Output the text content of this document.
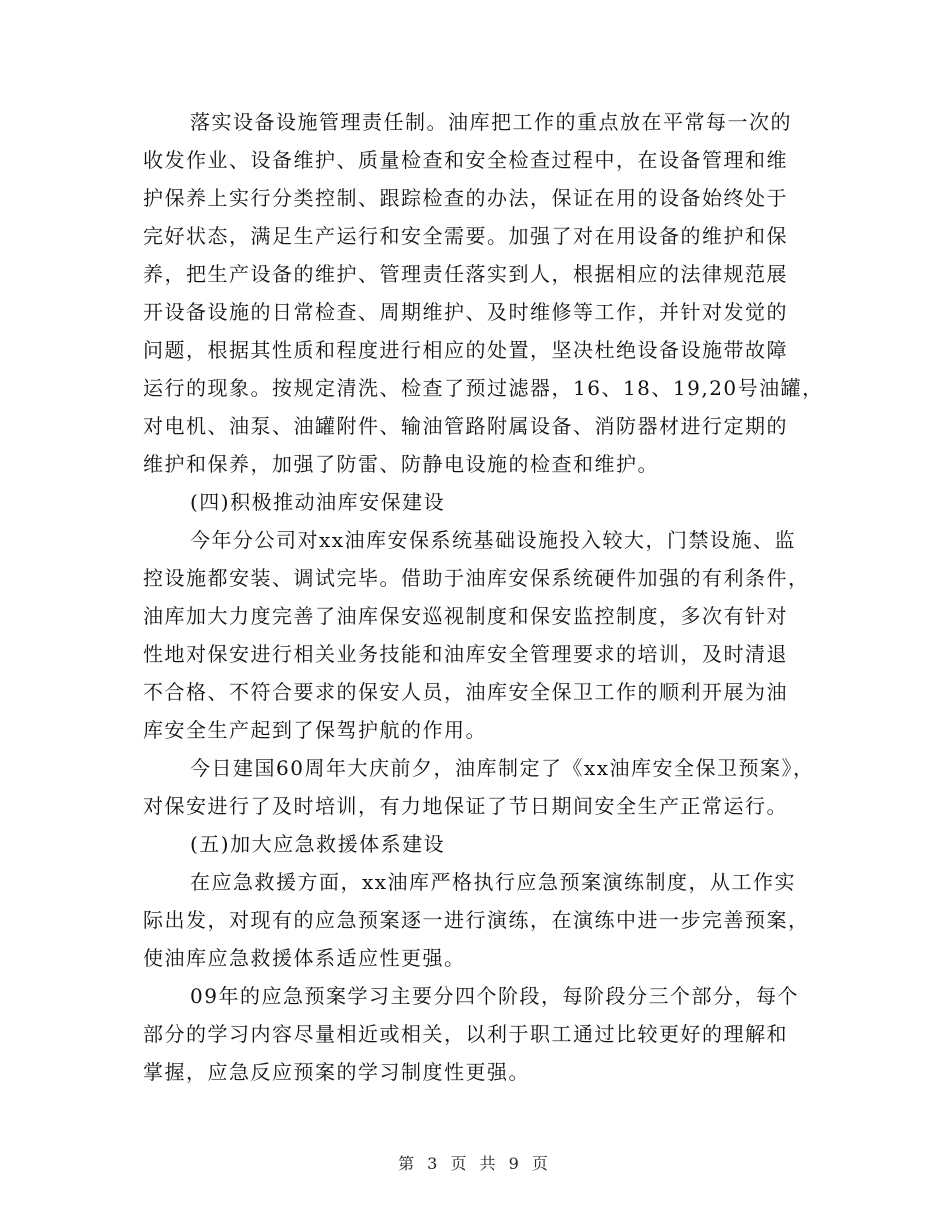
落实设备设施管理责任制。油库把工作的重点放在平常每一次的
收发作业、设备维护、质量检查和安全检查过程中，在设备管理和维
护保养上实行分类控制、跟踪检查的办法，保证在用的设备始终处于
完好状态，满足生产运行和安全需要。加强了对在用设备的维护和保
养，把生产设备的维护、管理责任落实到人，根据相应的法律规范展
开设备设施的日常检查、周期维护、及时维修等工作，并针对发觉的
问题，根据其性质和程度进行相应的处置，坚决杜绝设备设施带故障
运行的现象。按规定清洗、检查了预过滤器，16、18、19,20号油罐，
对电机、油泵、油罐附件、输油管路附属设备、消防器材进行定期的
维护和保养，加强了防雷、防静电设施的检查和维护。
(四)积极推动油库安保建设
今年分公司对xx油库安保系统基础设施投入较大，门禁设施、监
控设施都安装、调试完毕。借助于油库安保系统硬件加强的有利条件，
油库加大力度完善了油库保安巡视制度和保安监控制度，多次有针对
性地对保安进行相关业务技能和油库安全管理要求的培训，及时清退
不合格、不符合要求的保安人员，油库安全保卫工作的顺利开展为油
库安全生产起到了保驾护航的作用。
今日建国60周年大庆前夕，油库制定了《xx油库安全保卫预案》，
对保安进行了及时培训，有力地保证了节日期间安全生产正常运行。
(五)加大应急救援体系建设
在应急救援方面，xx油库严格执行应急预案演练制度，从工作实
际出发，对现有的应急预案逐一进行演练，在演练中进一步完善预案，
使油库应急救援体系适应性更强。
09年的应急预案学习主要分四个阶段，每阶段分三个部分，每个
部分的学习内容尽量相近或相关，以利于职工通过比较更好的理解和
掌握，应急反应预案的学习制度性更强。
第 3 页 共 9 页
